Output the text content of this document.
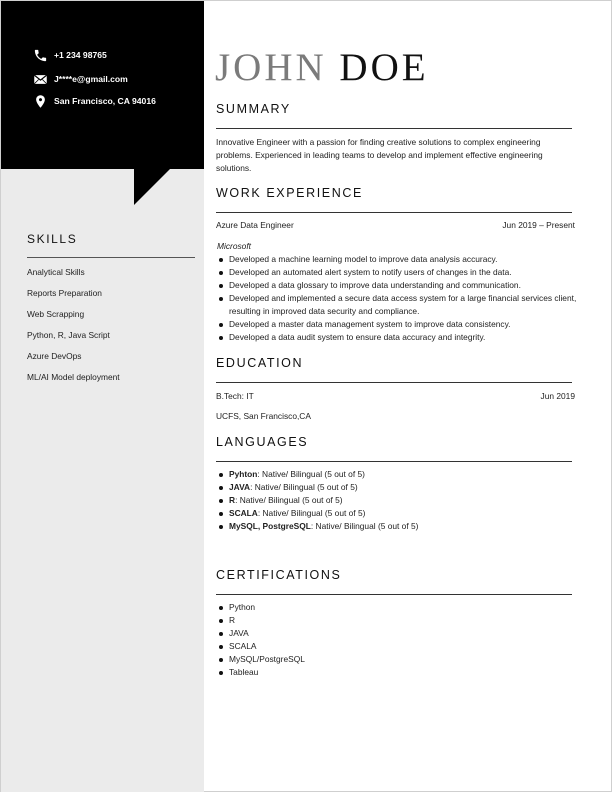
+1 234 98765
J****e@gmail.com
San Francisco, CA 94016
SKILLS
Analytical Skills
Reports Preparation
Web Scrapping
Python, R, Java Script
Azure DevOps
ML/AI Model deployment
JOHN DOE
SUMMARY
Innovative Engineer with a passion for finding creative solutions to complex engineering problems. Experienced in leading teams to develop and implement effective engineering solutions.
WORK EXPERIENCE
Azure Data Engineer	Jun 2019 – Present
Microsoft
Developed a machine learning model to improve data analysis accuracy.
Developed an automated alert system to notify users of changes in the data.
Developed a data glossary to improve data understanding and communication.
Developed and implemented a secure data access system for a large financial services client, resulting in improved data security and compliance.
Developed a master data management system to improve data consistency.
Developed a data audit system to ensure data accuracy and integrity.
EDUCATION
B.Tech: IT	Jun 2019
UCFS, San Francisco,CA
LANGUAGES
Pyhton: Native/ Bilingual (5 out of 5)
JAVA: Native/ Bilingual (5 out of 5)
R: Native/ Bilingual (5 out of 5)
SCALA: Native/ Bilingual (5 out of 5)
MySQL, PostgreSQL: Native/ Bilingual (5 out of 5)
CERTIFICATIONS
Python
R
JAVA
SCALA
MySQL/PostgreSQL
Tableau
